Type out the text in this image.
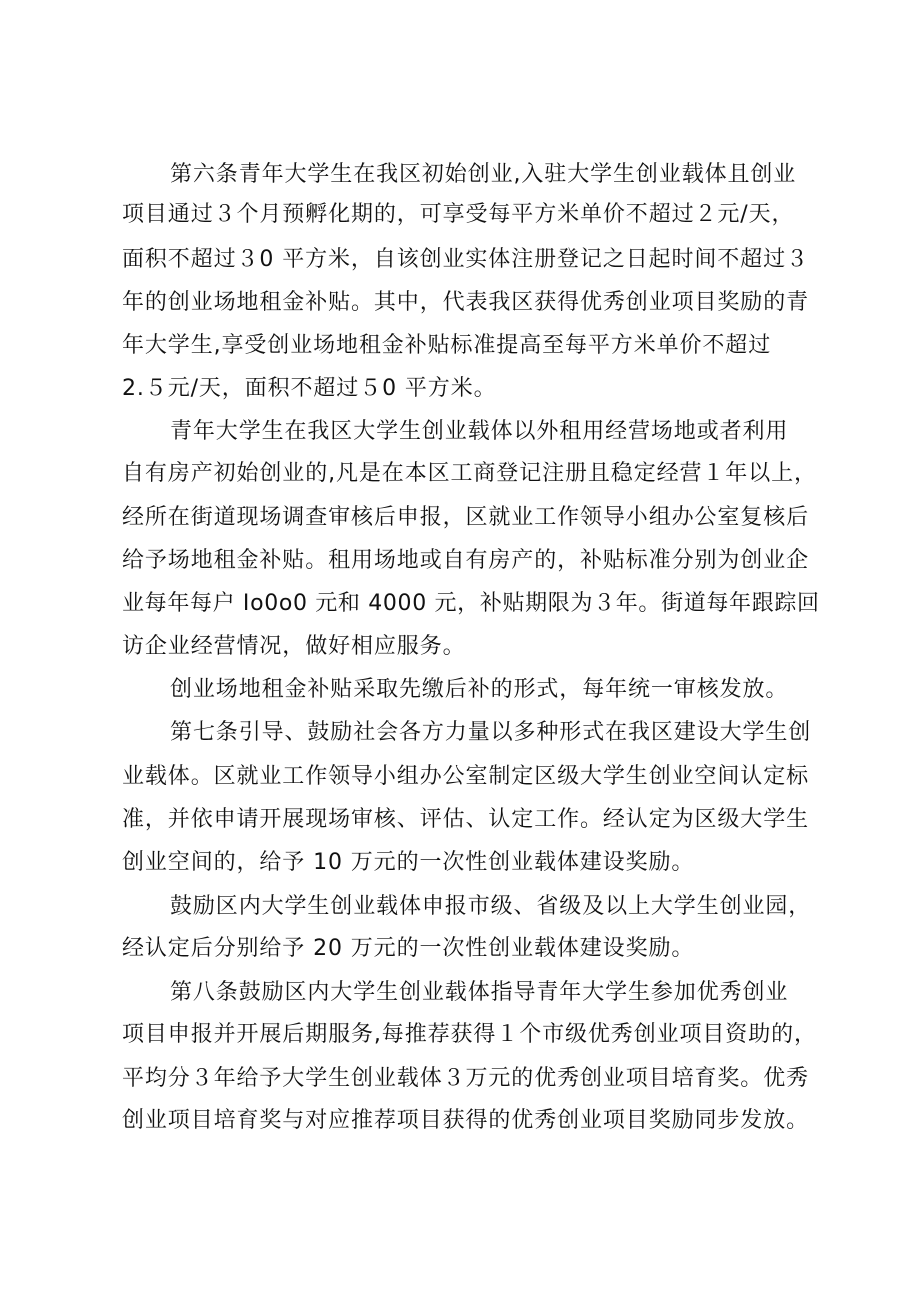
第六条青年大学生在我区初始创业,入驻大学生创业载体且创业

项目通过３个月预孵化期的，可享受每平方米单价不超过２元/天，

面积不超过３0 平方米，自该创业实体注册登记之日起时间不超过３

年的创业场地租金补贴。其中，代表我区获得优秀创业项目奖励的青

年大学生,享受创业场地租金补贴标准提高至每平方米单价不超过

2.５元/天，面积不超过５0 平方米。

青年大学生在我区大学生创业载体以外租用经营场地或者利用

自有房产初始创业的,凡是在本区工商登记注册且稳定经营１年以上，

经所在街道现场调查审核后申报，区就业工作领导小组办公室复核后

给予场地租金补贴。租用场地或自有房产的，补贴标准分别为创业企

业每年每户 Io0o0 元和 4000 元，补贴期限为３年。街道每年跟踪回

访企业经营情况，做好相应服务。

创业场地租金补贴采取先缴后补的形式，每年统一审核发放。

第七条引导、鼓励社会各方力量以多种形式在我区建设大学生创

业载体。区就业工作领导小组办公室制定区级大学生创业空间认定标

准，并依申请开展现场审核、评估、认定工作。经认定为区级大学生

创业空间的，给予 10 万元的一次性创业载体建设奖励。

鼓励区内大学生创业载体申报市级、省级及以上大学生创业园，

经认定后分别给予 20 万元的一次性创业载体建设奖励。

第八条鼓励区内大学生创业载体指导青年大学生参加优秀创业

项目申报并开展后期服务,每推荐获得１个市级优秀创业项目资助的，

平均分３年给予大学生创业载体３万元的优秀创业项目培育奖。优秀

创业项目培育奖与对应推荐项目获得的优秀创业项目奖励同步发放。
